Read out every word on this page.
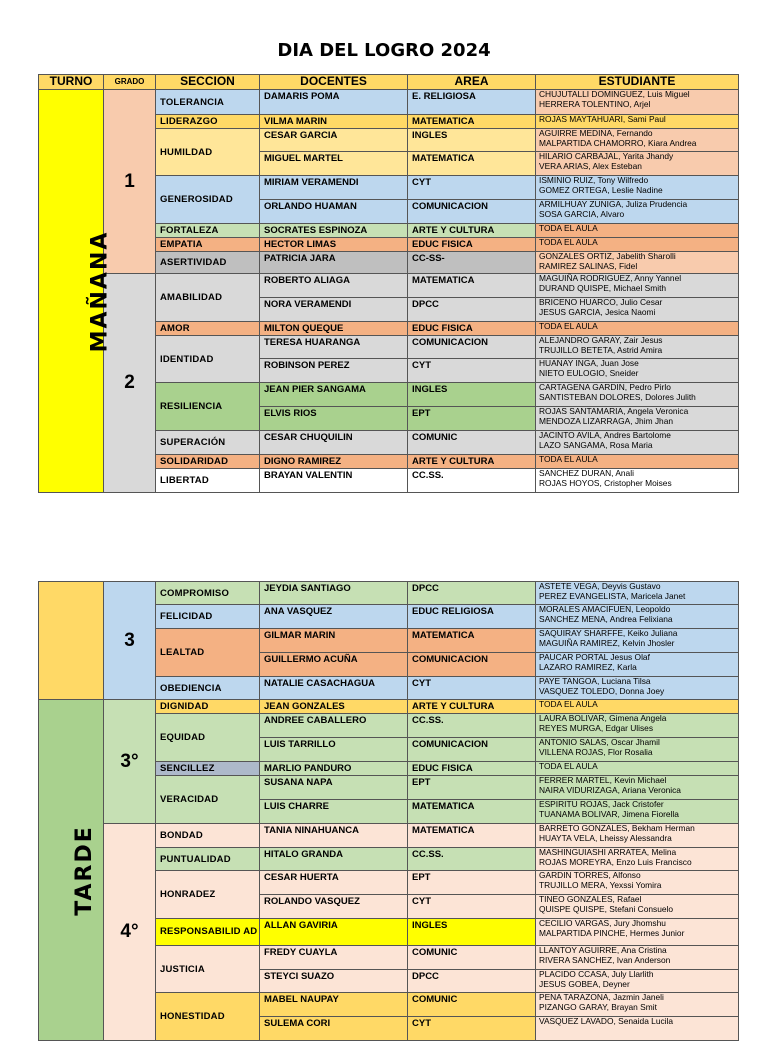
DIA DEL LOGRO 2024
TURNO	GRADO	SECCION	DOCENTES	AREA	ESTUDIANTE
MAÑANA	1	TOLERANCIA	DAMARIS POMA	E. RELIGIOSA	CHUJUTALLI DOMINGUEZ, Luis Miguel
HERRERA TOLENTINO, Arjel

		LIDERAZGO	VILMA MARIN	MATEMATICA	ROJAS MAYTAHUARI, Sami Paul

		HUMILDAD	CESAR GARCIA	INGLES	AGUIRRE MEDINA, Fernando
MALPARTIDA CHAMORRO, Kiara Andrea

			MIGUEL MARTEL	MATEMATICA	HILARIO CARBAJAL, Yarita Jhandy
VERA ARIAS, Alex Esteban

		GENEROSIDAD	MIRIAM VERAMENDI	CYT	ISMINIO RUIZ, Tony Wilfredo
GOMEZ ORTEGA, Leslie Nadine

			ORLANDO HUAMAN	COMUNICACION	ARMILHUAY ZUNIGA, Juliza Prudencia
SOSA GARCIA, Alvaro

		FORTALEZA	SOCRATES ESPINOZA	ARTE Y CULTURA	TODA EL AULA

		EMPATIA	HECTOR LIMAS	EDUC FISICA	TODA EL AULA

		ASERTIVIDAD	PATRICIA JARA	CC-SS-	GONZALES ORTIZ, Jabelith Sharolli
RAMIREZ SALINAS, Fidel

	2	AMABILIDAD	ROBERTO ALIAGA	MATEMATICA	MAGUIÑA RODRIGUEZ, Anny Yannel
DURAND QUISPE, Michael Smith

			NORA VERAMENDI	DPCC	BRICENO HUARCO, Julio Cesar
JESUS GARCIA, Jesica Naomi

		AMOR	MILTON QUEQUE	EDUC FISICA	TODA EL AULA

		IDENTIDAD	TERESA HUARANGA	COMUNICACION	ALEJANDRO GARAY, Zair Jesus
TRUJILLO BETETA, Astrid Amira

			ROBINSON PEREZ	CYT	HUANAY INGA, Juan Jose
NIETO EULOGIO, Sneider

		RESILIENCIA	JEAN PIER SANGAMA	INGLES	CARTAGENA GARDIN, Pedro Pirlo
SANTISTEBAN DOLORES, Dolores Julith

			ELVIS RIOS	EPT	ROJAS SANTAMARIA, Angela Veronica
MENDOZA LIZARRAGA, Jhim Jhan

		SUPERACIÓN	CESAR CHUQUILIN	COMUNIC	JACINTO AVILA, Andres Bartolome
LAZO SANGAMA, Rosa Maria

		SOLIDARIDAD	DIGNO RAMIREZ	ARTE Y CULTURA	TODA EL AULA

		LIBERTAD	BRAYAN VALENTIN	CC.SS.	SANCHEZ DURAN, Anali
ROJAS HOYOS, Cristopher Moises
	3	COMPROMISO	JEYDIA SANTIAGO	DPCC	ASTETE VEGA, Deyvis Gustavo
PEREZ EVANGELISTA, Maricela Janet

		FELICIDAD	ANA VASQUEZ	EDUC RELIGIOSA	MORALES AMACIFUEN, Leopoldo
SANCHEZ MENA, Andrea Felixiana

		LEALTAD	GILMAR MARIN	MATEMATICA	SAQUIRAY SHARFFE, Keiko Juliana
MAGUIÑA RAMIREZ, Kelvin Jhosler

			GUILLERMO ACUÑA	COMUNICACION	PAUCAR PORTAL Jesus Olaf
LAZARO RAMIREZ, Karla

		OBEDIENCIA	NATALIE CASACHAGUA	CYT	PAYE TANGOA, Luciana Tilsa
VASQUEZ TOLEDO, Donna Joey

TARDE	3°	DIGNIDAD	JEAN GONZALES	ARTE Y CULTURA	TODA EL AULA

		EQUIDAD	ANDREE CABALLERO	CC.SS.	LAURA BOLIVAR, Gimena Angela
REYES MURGA, Edgar Ulises

			LUIS TARRILLO	COMUNICACION	ANTONIO SALAS, Oscar Jhamil
VILLENA ROJAS, Flor Rosalia

		SENCILLEZ	MARLIO PANDURO	EDUC FISICA	TODA EL AULA

		VERACIDAD	SUSANA NAPA	EPT	FERRER MARTEL, Kevin Michael
NAIRA VIDURIZAGA, Ariana Veronica

			LUIS CHARRE	MATEMATICA	ESPIRITU ROJAS, Jack Cristofer
TUANAMA BOLIVAR, Jimena Fiorella

	4°	BONDAD	TANIA NINAHUANCA	MATEMATICA	BARRETO GONZALES, Bekham Herman
HUAYTA VELA, Lheissy Alessandra

		PUNTUALIDAD	HITALO GRANDA	CC.SS.	MASHINGUIASHI ARRATEA, Melina
ROJAS MOREYRA, Enzo Luis Francisco

		HONRADEZ	CESAR HUERTA	EPT	GARDIN TORRES, Alfonso
TRUJILLO MERA, Yexssi Yomira

			ROLANDO VASQUEZ	CYT	TINEO GONZALES, Rafael
QUISPE QUISPE, Stefani Consuelo

		RESPONSABILID AD	ALLAN GAVIRIA	INGLES	CECILIO VARGAS, Jury Jhomshu
MALPARTIDA PINCHE, Hermes Junior

		JUSTICIA	FREDY CUAYLA	COMUNIC	LLANTOY AGUIRRE, Ana Cristina
RIVERA SANCHEZ, Ivan Anderson

			STEYCI SUAZO	DPCC	PLACIDO CCASA, July Llarlith
JESUS GOBEA, Deyner

		HONESTIDAD	MABEL NAUPAY	COMUNIC	PENA TARAZONA, Jazmin Janeli
PIZANGO GARAY, Brayan Smit

			SULEMA CORI	CYT	VASQUEZ LAVADO, Senaida Lucila
